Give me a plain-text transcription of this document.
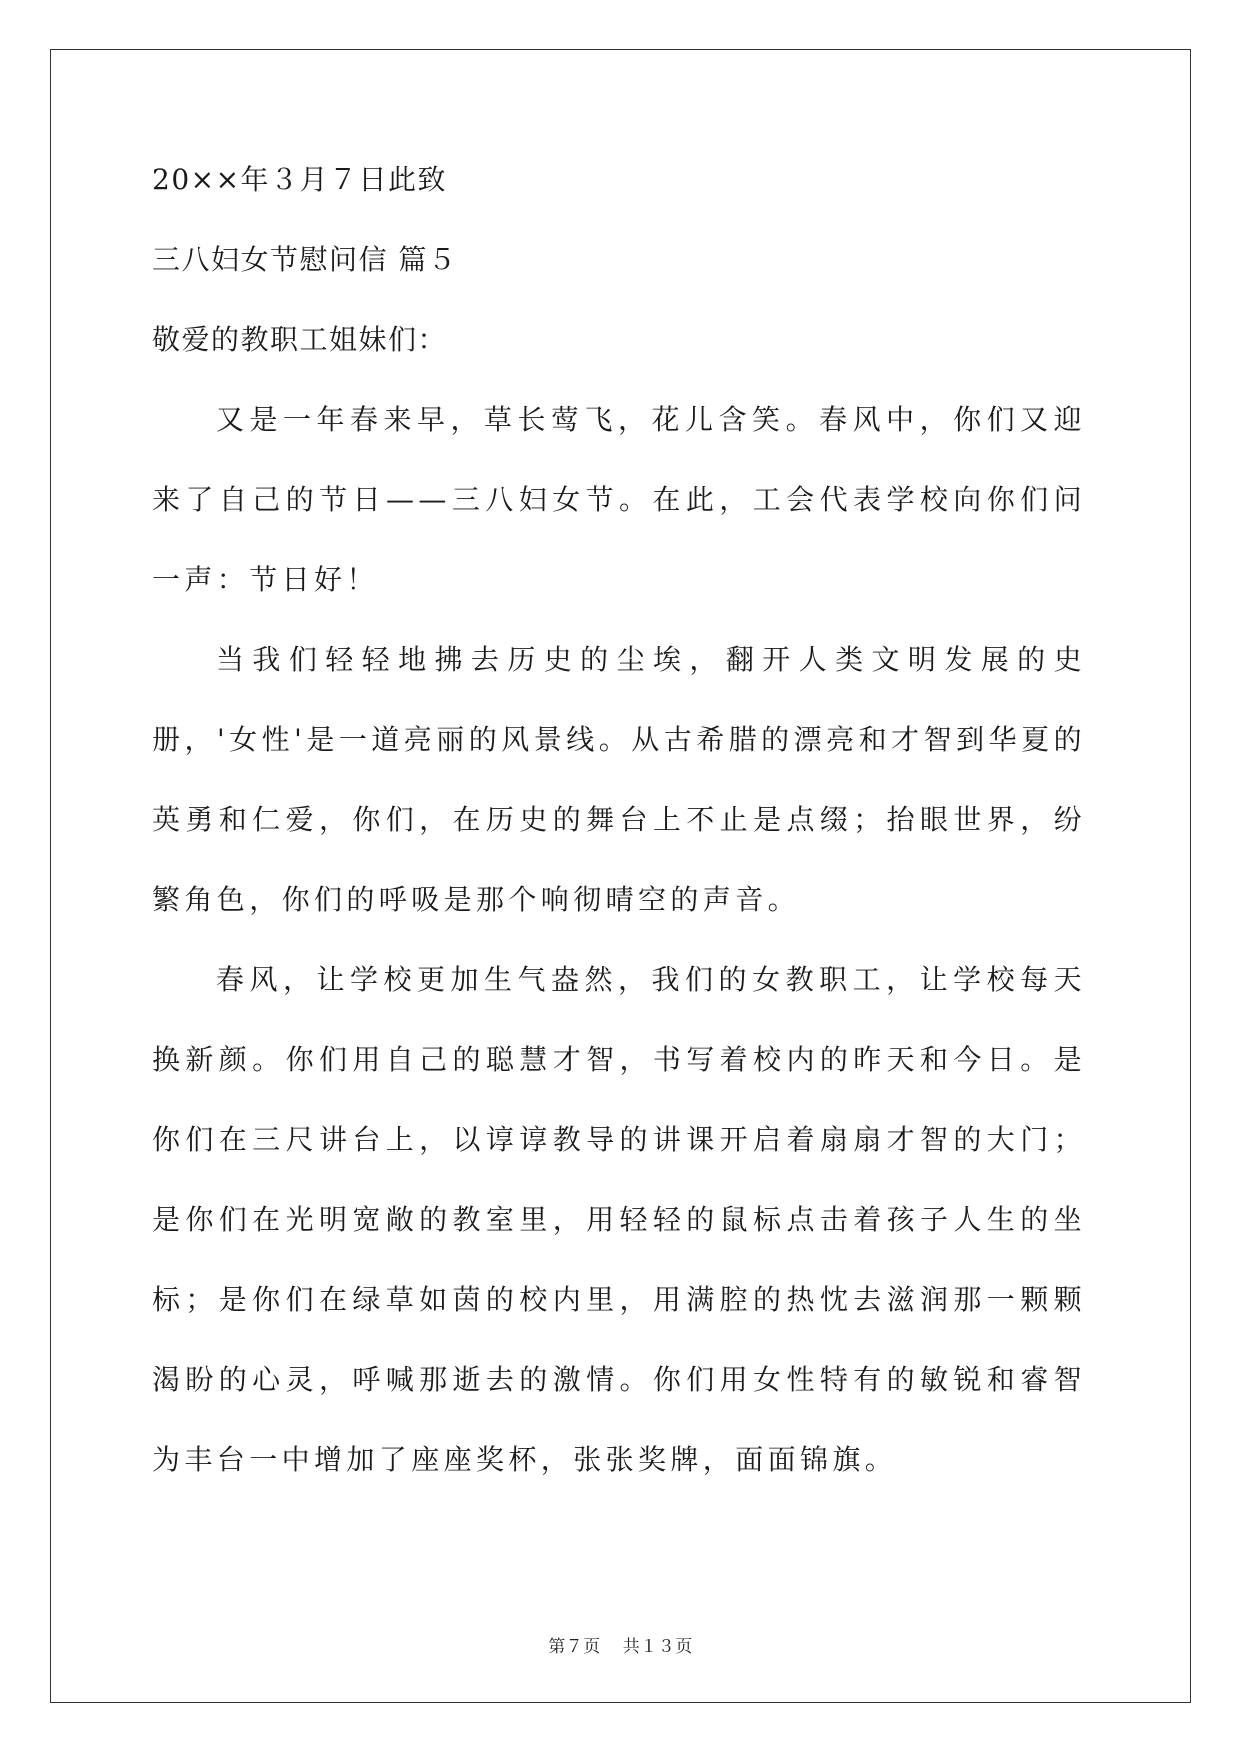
20××年３月７日此致
三八妇女节慰问信 篇５
敬爱的教职工姐妹们：

又是一年春来早，草长莺飞，花儿含笑。春风中，你们又迎来了自己的节日——三八妇女节。在此，工会代表学校向你们问一声：节日好！

当我们轻轻地拂去历史的尘埃，翻开人类文明发展的史册，'女性'是一道亮丽的风景线。从古希腊的漂亮和才智到华夏的英勇和仁爱，你们，在历史的舞台上不止是点缀；抬眼世界，纷繁角色，你们的呼吸是那个响彻晴空的声音。

春风，让学校更加生气盎然，我们的女教职工，让学校每天换新颜。你们用自己的聪慧才智，书写着校内的昨天和今日。是你们在三尺讲台上，以谆谆教导的讲课开启着扇扇才智的大门；是你们在光明宽敞的教室里，用轻轻的鼠标点击着孩子人生的坐标；是你们在绿草如茵的校内里，用满腔的热忱去滋润那一颗颗渴盼的心灵，呼喊那逝去的激情。你们用女性特有的敏锐和睿智为丰台一中增加了座座奖杯，张张奖牌，面面锦旗。

第７页 共１３页
